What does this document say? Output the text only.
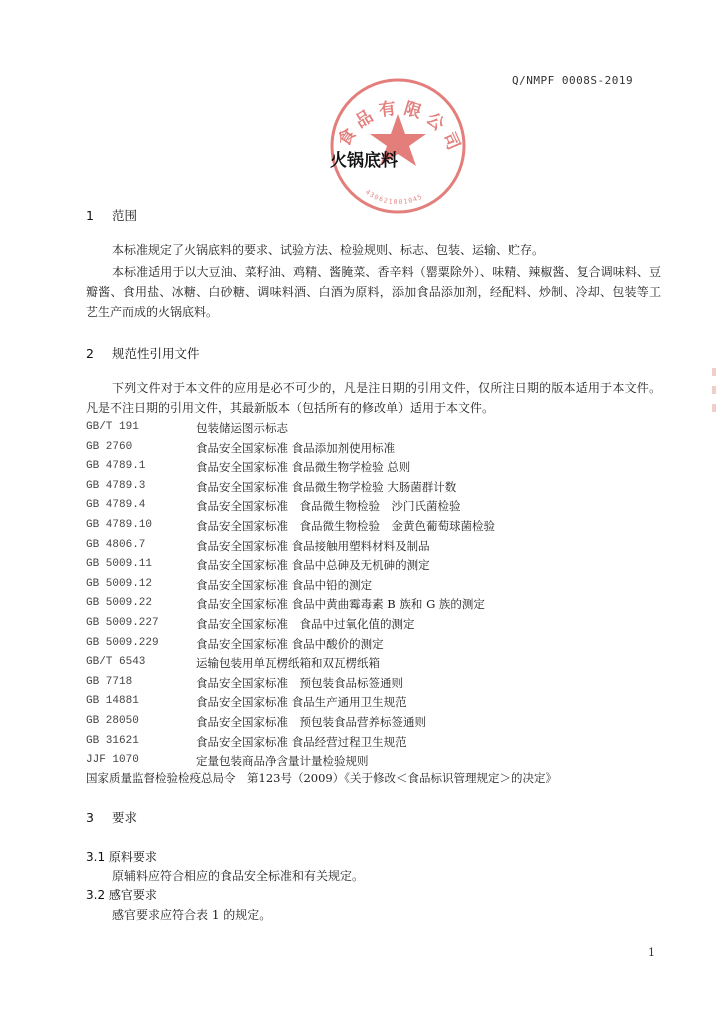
Q/NMPF 0008S-2019
食品有限公司
430621001045
火锅底料
1 范围
本标准规定了火锅底料的要求、试验方法、检验规则、标志、包装、运输、贮存。
本标准适用于以大豆油、菜籽油、鸡精、酱腌菜、香辛料（罂粟除外）、味精、辣椒酱、复合调味料、豆瓣酱、食用盐、冰糖、白砂糖、调味料酒、白酒为原料，添加食品添加剂，经配料、炒制、冷却、包装等工艺生产而成的火锅底料。
2 规范性引用文件
下列文件对于本文件的应用是必不可少的，凡是注日期的引用文件，仅所注日期的版本适用于本文件。凡是不注日期的引用文件，其最新版本（包括所有的修改单）适用于本文件。
GB/T 191	包装储运图示标志
GB 2760	食品安全国家标准 食品添加剂使用标准
GB 4789.1	食品安全国家标准 食品微生物学检验 总则
GB 4789.3	食品安全国家标准 食品微生物学检验 大肠菌群计数
GB 4789.4	食品安全国家标准　食品微生物检验　沙门氏菌检验
GB 4789.10	食品安全国家标准　食品微生物检验　金黄色葡萄球菌检验
GB 4806.7	食品安全国家标准 食品接触用塑料材料及制品
GB 5009.11	食品安全国家标准 食品中总砷及无机砷的测定
GB 5009.12	食品安全国家标准 食品中铅的测定
GB 5009.22	食品安全国家标准 食品中黄曲霉毒素 B 族和 G 族的测定
GB 5009.227	食品安全国家标准　食品中过氧化值的测定
GB 5009.229	食品安全国家标准 食品中酸价的测定
GB/T 6543	运输包装用单瓦楞纸箱和双瓦楞纸箱
GB 7718	食品安全国家标准　预包装食品标签通则
GB 14881	食品安全国家标准 食品生产通用卫生规范
GB 28050	食品安全国家标准　预包装食品营养标签通则
GB 31621	食品安全国家标准 食品经营过程卫生规范
JJF 1070	定量包装商品净含量计量检验规则
国家质量监督检验检疫总局令　第123号（2009）《关于修改＜食品标识管理规定＞的决定》
3 要求
3.1 原料要求
原辅料应符合相应的食品安全标准和有关规定。
3.2 感官要求
感官要求应符合表 1 的规定。
1
